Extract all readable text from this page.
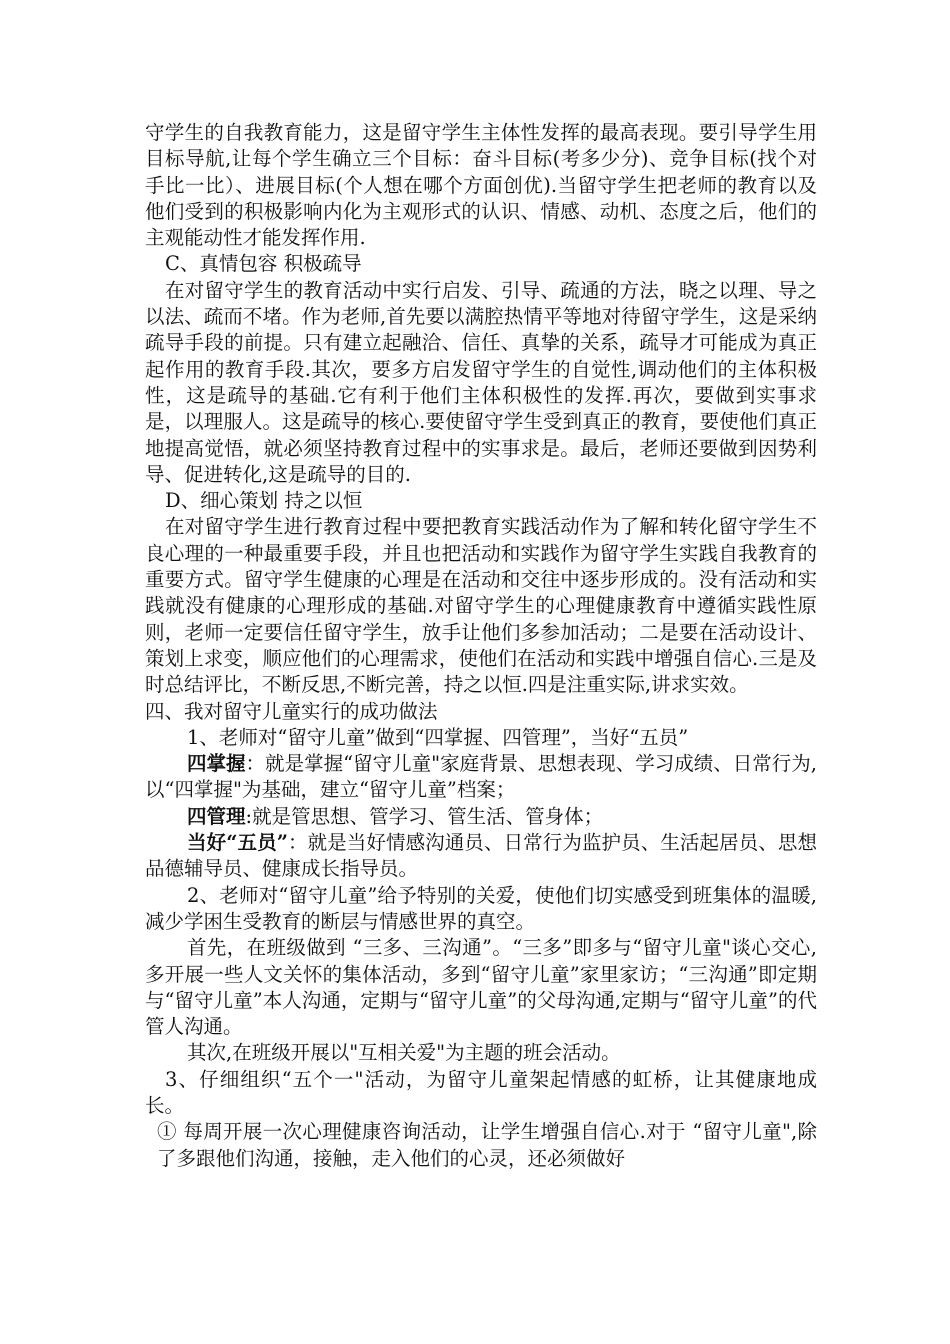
守学生的自我教育能力，这是留守学生主体性发挥的最高表现。要引导学生用目标导航,让每个学生确立三个目标：奋斗目标(考多少分)、竞争目标(找个对手比一比）、进展目标(个人想在哪个方面创优).当留守学生把老师的教育以及他们受到的积极影响内化为主观形式的认识、情感、动机、态度之后，他们的主观能动性才能发挥作用.

C、真情包容 积极疏导

在对留守学生的教育活动中实行启发、引导、疏通的方法，晓之以理、导之以法、疏而不堵。作为老师,首先要以满腔热情平等地对待留守学生，这是采纳疏导手段的前提。只有建立起融洽、信任、真挚的关系，疏导才可能成为真正起作用的教育手段.其次，要多方启发留守学生的自觉性,调动他们的主体积极性，这是疏导的基础.它有利于他们主体积极性的发挥.再次，要做到实事求是，以理服人。这是疏导的核心.要使留守学生受到真正的教育，要使他们真正地提高觉悟，就必须坚持教育过程中的实事求是。最后，老师还要做到因势利导、促进转化,这是疏导的目的.

D、细心策划 持之以恒

在对留守学生进行教育过程中要把教育实践活动作为了解和转化留守学生不良心理的一种最重要手段，并且也把活动和实践作为留守学生实践自我教育的重要方式。留守学生健康的心理是在活动和交往中逐步形成的。没有活动和实践就没有健康的心理形成的基础.对留守学生的心理健康教育中遵循实践性原则，老师一定要信任留守学生，放手让他们多参加活动；二是要在活动设计、策划上求变，顺应他们的心理需求，使他们在活动和实践中增强自信心.三是及时总结评比，不断反思,不断完善，持之以恒.四是注重实际,讲求实效。

四、我对留守儿童实行的成功做法

1、老师对“留守儿童”做到“四掌握、四管理”，当好“五员”

四掌握：就是掌握“留守儿童"家庭背景、思想表现、学习成绩、日常行为,以“四掌握"为基础，建立“留守儿童”档案；

四管理:就是管思想、管学习、管生活、管身体；

当好“五员”：就是当好情感沟通员、日常行为监护员、生活起居员、思想品德辅导员、健康成长指导员。

2、老师对“留守儿童”给予特别的关爱，使他们切实感受到班集体的温暖,减少学困生受教育的断层与情感世界的真空。

首先，在班级做到 “三多、三沟通”。“三多”即多与“留守儿童"谈心交心,多开展一些人文关怀的集体活动，多到“留守儿童”家里家访；“三沟通”即定期与“留守儿童”本人沟通，定期与“留守儿童”的父母沟通,定期与“留守儿童”的代管人沟通。

其次,在班级开展以"互相关爱"为主题的班会活动。

3、仔细组织“五个一"活动，为留守儿童架起情感的虹桥，让其健康地成长。

① 每周开展一次心理健康咨询活动，让学生增强自信心.对于 “留守儿童",除了多跟他们沟通，接触，走入他们的心灵，还必须做好
